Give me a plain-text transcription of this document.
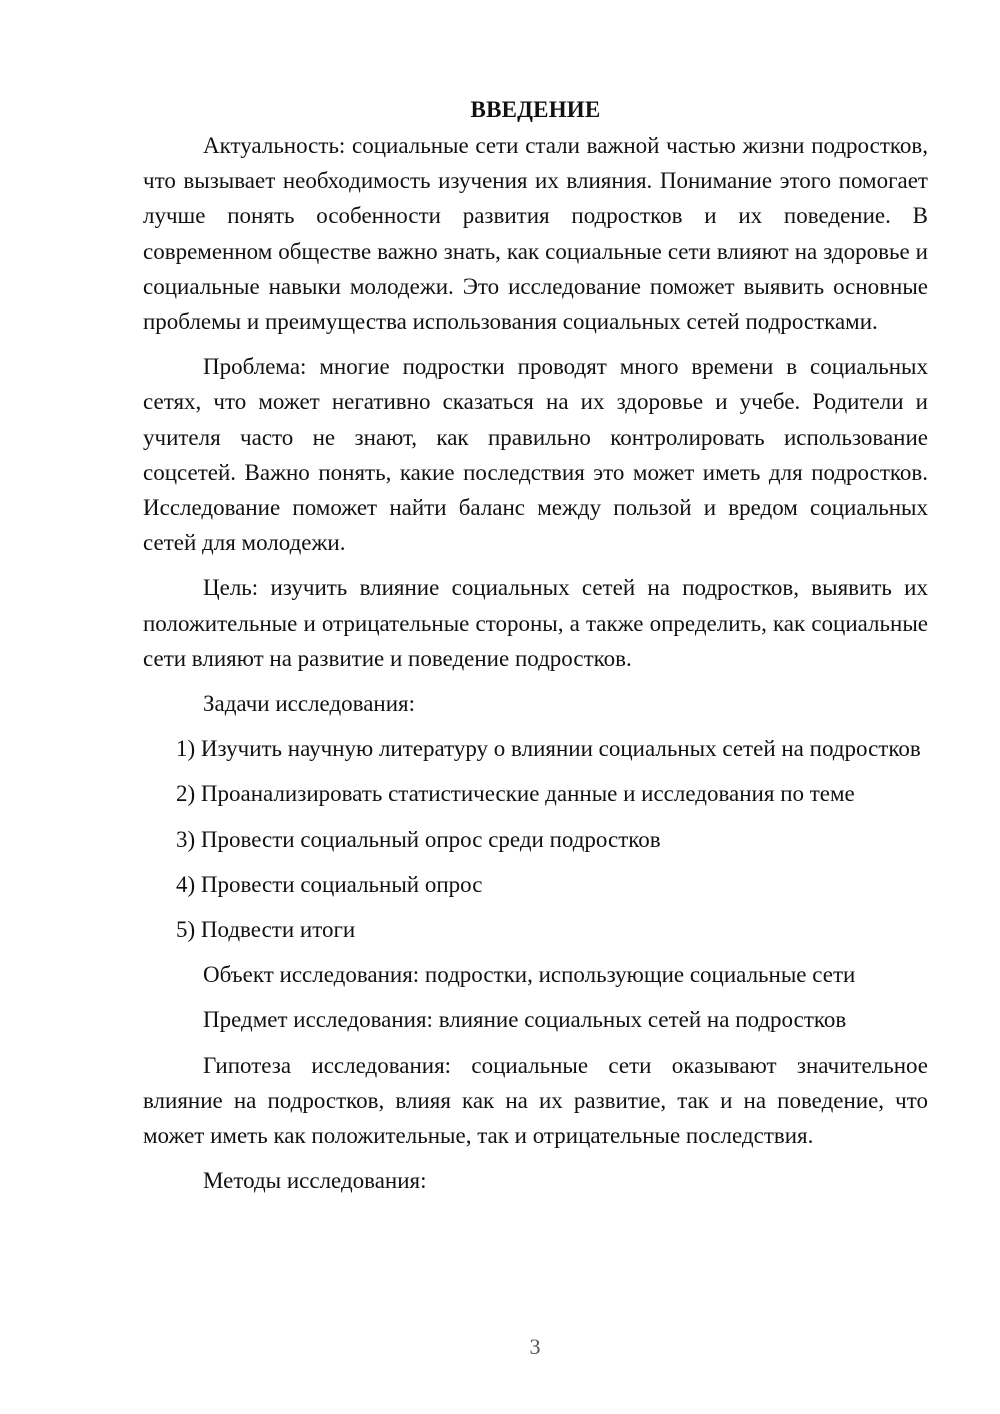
ВВЕДЕНИЕ

Актуальность: социальные сети стали важной частью жизни подростков, что вызывает необходимость изучения их влияния. Понимание этого помогает лучше понять особенности развития подростков и их поведение. В современном обществе важно знать, как социальные сети влияют на здоровье и социальные навыки молодежи. Это исследование поможет выявить основные проблемы и преимущества использования социальных сетей подростками.

Проблема: многие подростки проводят много времени в социальных сетях, что может негативно сказаться на их здоровье и учебе. Родители и учителя часто не знают, как правильно контролировать использование соцсетей. Важно понять, какие последствия это может иметь для подростков. Исследование поможет найти баланс между пользой и вредом социальных сетей для молодежи.

Цель: изучить влияние социальных сетей на подростков, выявить их положительные и отрицательные стороны, а также определить, как социальные сети влияют на развитие и поведение подростков.

Задачи исследования:

1) Изучить научную литературу о влиянии социальных сетей на подростков

2) Проанализировать статистические данные и исследования по теме

3) Провести социальный опрос среди подростков

4) Провести социальный опрос

5) Подвести итоги

Объект исследования: подростки, использующие социальные сети

Предмет исследования: влияние социальных сетей на подростков

Гипотеза исследования: социальные сети оказывают значительное влияние на подростков, влияя как на их развитие, так и на поведение, что может иметь как положительные, так и отрицательные последствия.

Методы исследования:

3
